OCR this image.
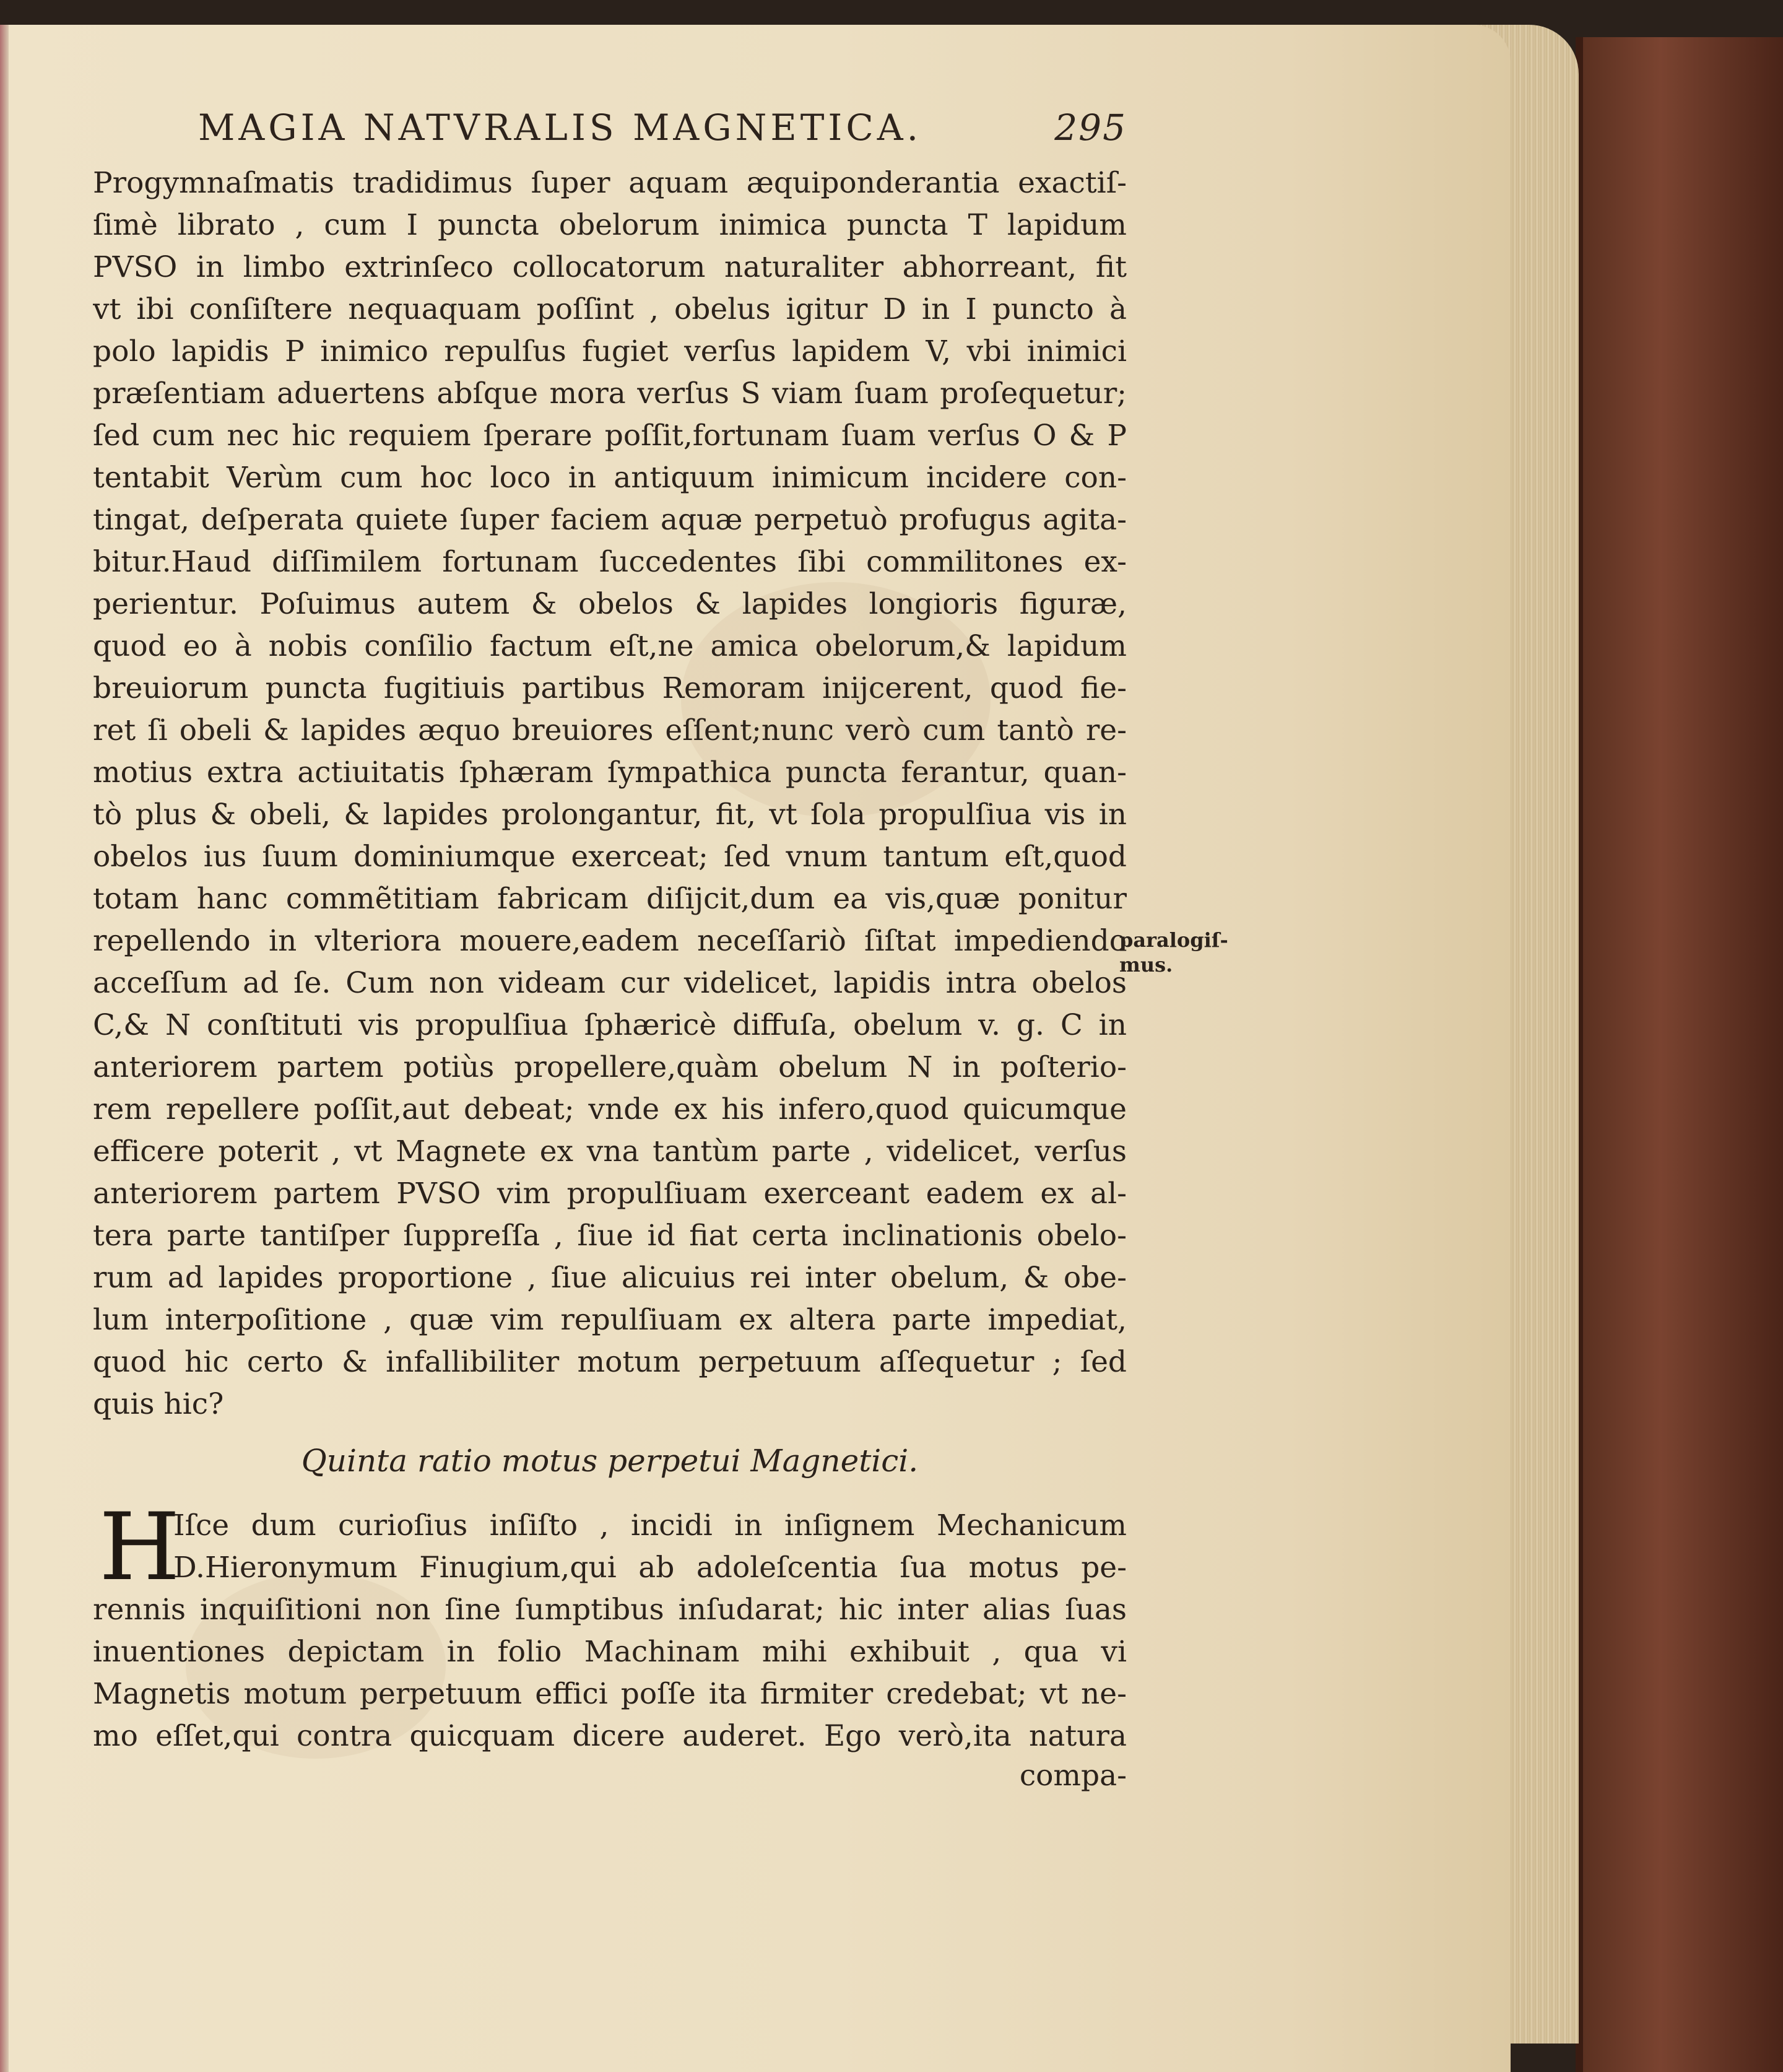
MAGIA NATVRALIS MAGNETICA.	295
Progymnaſmatis tradidimus ſuper aquam æquiponderantia exactiſ-
ſimè librato , cum I puncta obelorum inimica puncta T lapidum
PVSO in limbo extrinſeco collocatorum naturaliter abhorreant, fit
vt ibi conſiſtere nequaquam poſſint , obelus igitur D in I puncto à
polo lapidis P inimico repulſus fugiet verſus lapidem V, vbi inimici
præſentiam aduertens abſque mora verſus S viam ſuam proſequetur;
ſed cum nec hic requiem ſperare poſſit,fortunam ſuam verſus O & P
tentabit Verùm cum hoc loco in antiquum inimicum incidere con-
tingat, deſperata quiete ſuper faciem aquæ perpetuò profugus agita-
bitur.Haud diſſimilem fortunam ſuccedentes ſibi commilitones ex-
perientur. Poſuimus autem & obelos & lapides longioris figuræ,
quod eo à nobis conſilio factum eſt,ne amica obelorum,& lapidum
breuiorum puncta fugitiuis partibus Remoram inijcerent, quod fie-
ret ſi obeli & lapides æquo breuiores eſſent;nunc verò cum tantò re-
motius extra actiuitatis ſphæram ſympathica puncta ferantur, quan-
tò plus & obeli, & lapides prolongantur, fit, vt ſola propulſiua vis in
obelos ius ſuum dominiumque exerceat; ſed vnum tantum eſt,quod
totam hanc commẽtitiam fabricam diſijcit,dum ea vis,quæ ponitur
repellendo in vlteriora mouere,eadem neceſſariò ſiſtat impediendo
acceſſum ad ſe. Cum non videam cur videlicet, lapidis intra obelos
C,& N conſtituti vis propulſiua ſphæricè diffuſa, obelum v. g. C in
anteriorem partem potiùs propellere,quàm obelum N in poſterio-
rem repellere poſſit,aut debeat; vnde ex his infero,quod quicumque
efficere poterit , vt Magnete ex vna tantùm parte , videlicet, verſus
anteriorem partem PVSO vim propulſiuam exerceant eadem ex al-
tera parte tantiſper ſuppreſſa , ſiue id fiat certa inclinationis obelo-
rum ad lapides proportione , ſiue alicuius rei inter obelum, & obe-
lum interpoſitione , quæ vim repulſiuam ex altera parte impediat,
quod hic certo & infallibiliter motum perpetuum aſſequetur ; ſed
quis hic?
paralogiſ-
mus.
Quinta ratio motus perpetui Magnetici.
H
Iſce dum curioſius inſiſto , incidi in inſignem Mechanicum
D.Hieronymum Finugium,qui ab adoleſcentia ſua motus pe-
rennis inquiſitioni non ſine ſumptibus inſudarat; hic inter alias ſuas
inuentiones depictam in folio Machinam mihi exhibuit , qua vi
Magnetis motum perpetuum effici poſſe ita firmiter credebat; vt ne-
mo eſſet,qui contra quicquam dicere auderet. Ego verò,ita natura
compa-
